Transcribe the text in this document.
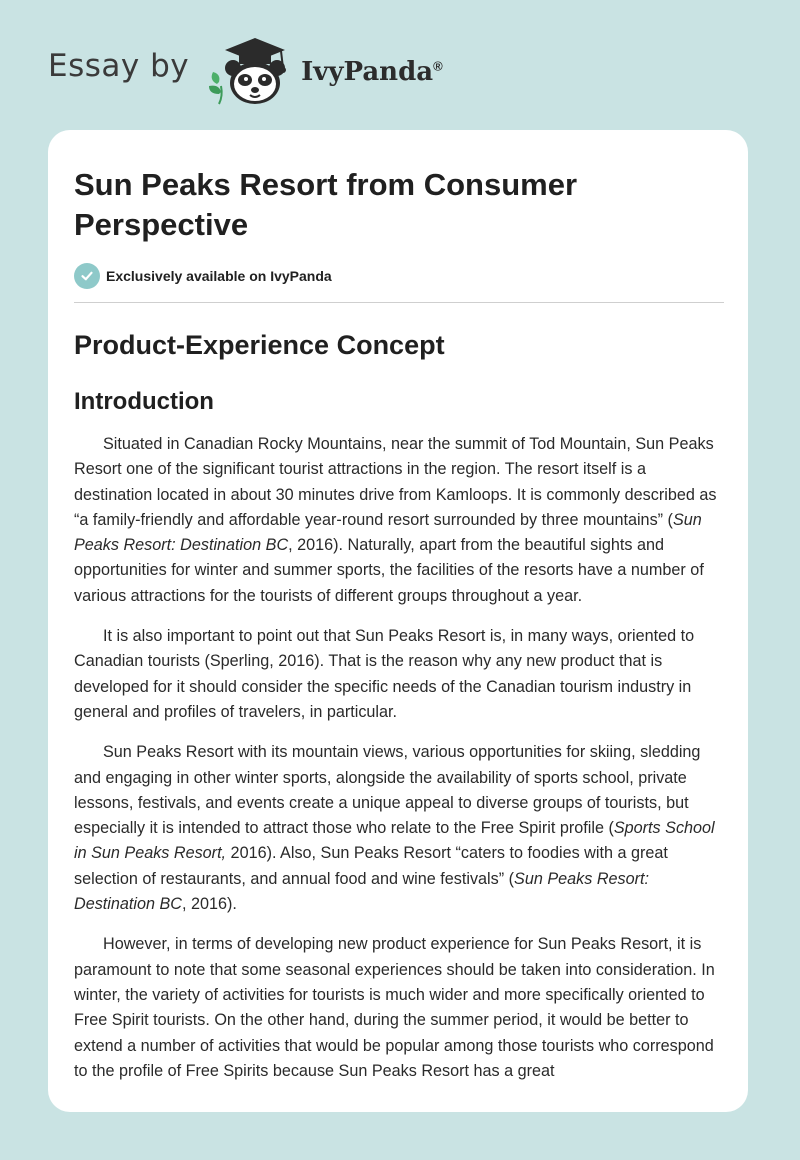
Essay by	IvyPanda®
Sun Peaks Resort from Consumer Perspective
Exclusively available on IvyPanda
Product-Experience Concept
Introduction

Situated in Canadian Rocky Mountains, near the summit of Tod Mountain, Sun Peaks Resort one of the significant tourist attractions in the region. The resort itself is a destination located in about 30 minutes drive from Kamloops. It is commonly described as “a family-friendly and affordable year-round resort surrounded by three mountains” (Sun Peaks Resort: Destination BC, 2016). Naturally, apart from the beautiful sights and opportunities for winter and summer sports, the facilities of the resorts have a number of various attractions for the tourists of different groups throughout a year.

It is also important to point out that Sun Peaks Resort is, in many ways, oriented to Canadian tourists (Sperling, 2016). That is the reason why any new product that is developed for it should consider the specific needs of the Canadian tourism industry in general and profiles of travelers, in particular.

Sun Peaks Resort with its mountain views, various opportunities for skiing, sledding and engaging in other winter sports, alongside the availability of sports school, private lessons, festivals, and events create a unique appeal to diverse groups of tourists, but especially it is intended to attract those who relate to the Free Spirit profile (Sports School in Sun Peaks Resort, 2016). Also, Sun Peaks Resort “caters to foodies with a great selection of restaurants, and annual food and wine festivals” (Sun Peaks Resort: Destination BC, 2016).

However, in terms of developing new product experience for Sun Peaks Resort, it is paramount to note that some seasonal experiences should be taken into consideration. In winter, the variety of activities for tourists is much wider and more specifically oriented to Free Spirit tourists. On the other hand, during the summer period, it would be better to extend a number of activities that would be popular among those tourists who correspond to the profile of Free Spirits because Sun Peaks Resort has a great
